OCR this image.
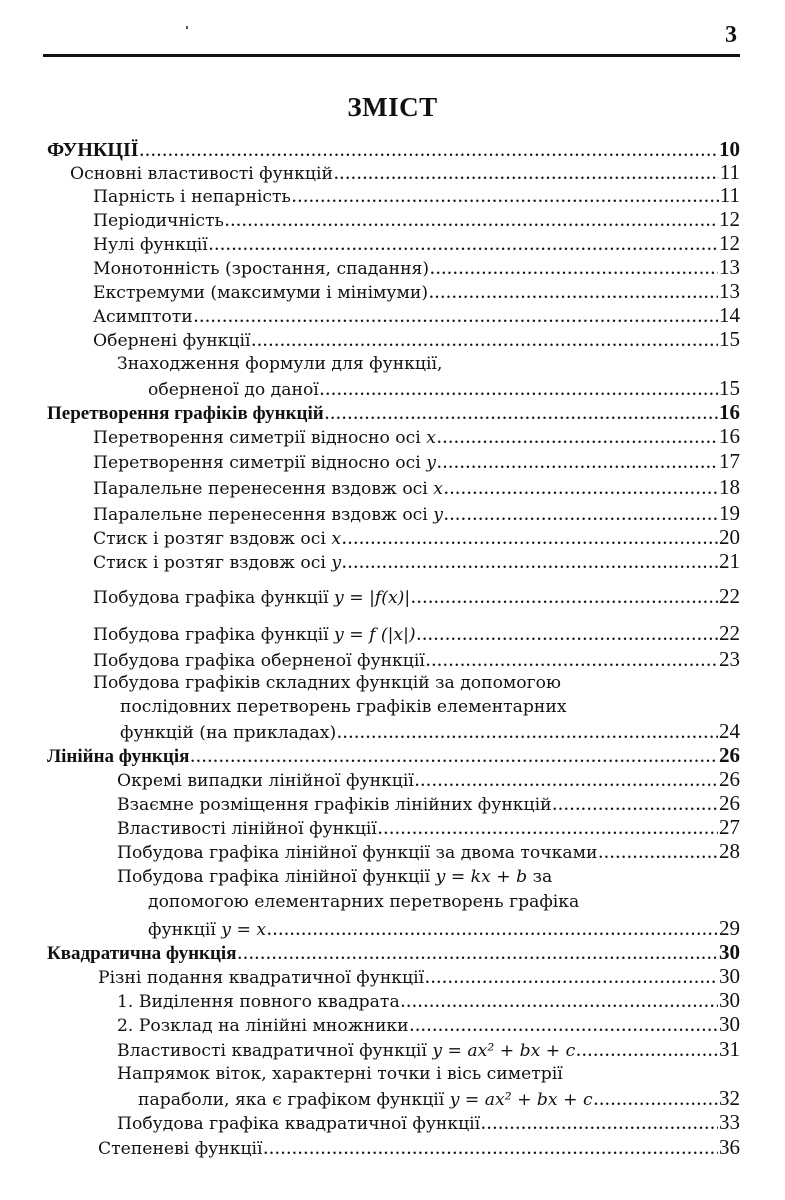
3
ЗМІСТ
ФУНКЦІЇ .....	10
Основні властивості функцій .....	11
Парність і непарність .....	11
Періодичність .....	12
Нулі функції .....	12
Монотонність (зростання, спадання) .....	13
Екстремуми (максимуми і мінімуми) .....	13
Асимптоти .....	14
Обернені функції .....	15
Знаходження формули для функції,
оберненої до даної .....	15
Перетворення графіків функцій .....	16
Перетворення симетрії відносно осі x .....	16
Перетворення симетрії відносно осі y .....	17
Паралельне перенесення вздовж осі x .....	18
Паралельне перенесення вздовж осі y .....	19
Стиск і розтяг вздовж осі x .....	20
Стиск і розтяг вздовж осі y .....	21
Побудова графіка функції y = |f(x)| .....	22
Побудова графіка функції y = f (|x|) .....	22
Побудова графіка оберненої функції .....	23
Побудова графіків складних функцій за допомогою
послідовних перетворень графіків елементарних
функцій (на прикладах) .....	24
Лінійна функція .....	26
Окремі випадки лінійної функції .....	26
Взаємне розміщення графіків лінійних функцій .....	26
Властивості лінійної функції .....	27
Побудова графіка лінійної функції за двома точками .....	28
Побудова графіка лінійної функції y = kx + b за
допомогою елементарних перетворень графіка
функції y = x .....	29
Квадратична функція .....	30
Різні подання квадратичної функції .....	30
1. Виділення повного квадрата .....	30
2. Розклад на лінійні множники .....	30
Властивості квадратичної функції y = ax² + bx + c .....	31
Напрямок віток, характерні точки і вісь симетрії
параболи, яка є графіком функції y = ax² + bx + c .....	32
Побудова графіка квадратичної функції .....	33
Степеневі функції .....	36
